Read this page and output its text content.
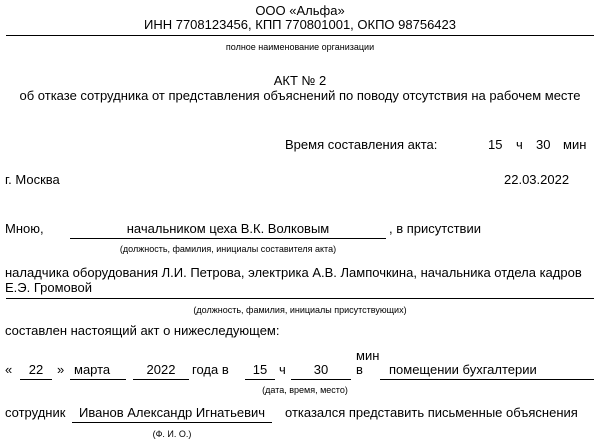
ООО «Альфа»
ИНН 7708123456, КПП 770801001, ОКПО 98756423
полное наименование организации
АКТ № 2
об отказе сотрудника от представления объяснений по поводу отсутствия на рабочем месте
Время составления акта:	15 ч 30 мин
г. Москва	22.03.2022
Мною,	начальником цеха В.К. Волковым	, в присутствии
(должность, фамилия, инициалы составителя акта)
наладчика оборудования Л.И. Петрова, электрика А.В. Лампочкина, начальника отдела кадров
Е.Э. Громовой
(должность, фамилия, инициалы присутствующих)
составлен настоящий акт о нижеследующем:
«	22	» марта	2022	года в	15 ч	30
мин
в помещении бухгалтерии
(дата, время, место)
сотрудник	Иванов Александр Игнатьевич	отказался представить письменные объяснения
(Ф. И. О.)
